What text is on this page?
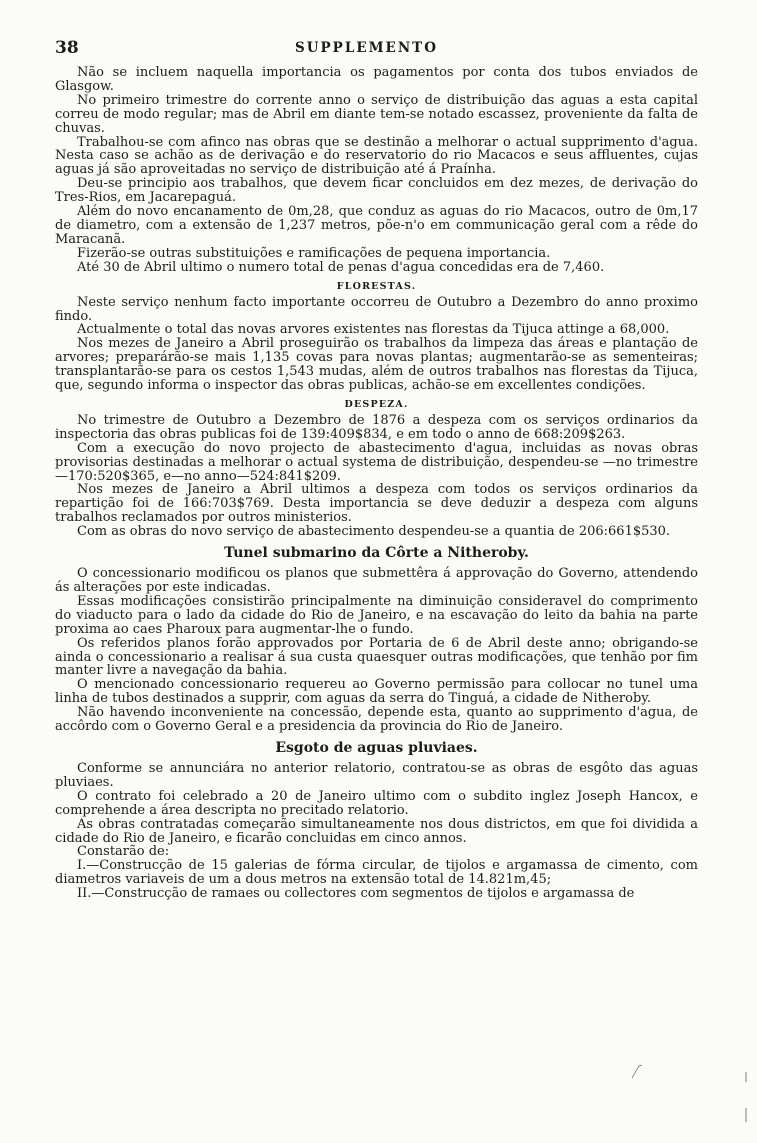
38	SUPPLEMENTO

Não se incluem naquella importancia os pagamentos por conta dos tubos enviados de Glasgow.

No primeiro trimestre do corrente anno o serviço de distribuição das aguas a esta capital correu de modo regular; mas de Abril em diante tem-se notado escassez, proveniente da falta de chuvas.

Trabalhou-se com afinco nas obras que se destinão a melhorar o actual supprimento d'agua. Nesta caso se achão as de derivação e do reservatorio do rio Macacos e seus affluentes, cujas aguas já são aproveitadas no serviço de distribuição até á Praínha.

Deu-se principio aos trabalhos, que devem ficar concluidos em dez mezes, de derivação do Tres-Rios, em Jacarepaguá.

Além do novo encanamento de 0m,28, que conduz as aguas do rio Macacos, outro de 0m,17 de diametro, com a extensão de 1,237 metros, põe-n'o em communicação geral com a rêde do Maracanã.

Fizerão-se outras substituições e ramificações de pequena importancia.

Até 30 de Abril ultimo o numero total de penas d'agua concedidas era de 7,460.

FLORESTAS.

Neste serviço nenhum facto importante occorreu de Outubro a Dezembro do anno proximo findo.

Actualmente o total das novas arvores existentes nas florestas da Tijuca attinge a 68,000.

Nos mezes de Janeiro a Abril proseguirão os trabalhos da limpeza das áreas e plantação de arvores; preparárão-se mais 1,135 covas para novas plantas; augmentarão-se as sementeiras; transplantarão-se para os cestos 1,543 mudas, além de outros trabalhos nas florestas da Tijuca, que, segundo informa o inspector das obras publicas, achão-se em excellentes condições.

DESPEZA.

No trimestre de Outubro a Dezembro de 1876 a despeza com os serviços ordinarios da inspectoria das obras publicas foi de 139:409$834, e em todo o anno de 668:209$263.

Com a execução do novo projecto de abastecimento d'agua, incluidas as novas obras provisorias destinadas a melhorar o actual systema de distribuição, despendeu-se —no trimestre—170:520$365, e—no anno—524:841$209.

Nos mezes de Janeiro a Abril ultimos a despeza com todos os serviços ordinarios da repartição foi de 166:703$769. Desta importancia se deve deduzir a despeza com alguns trabalhos reclamados por outros ministerios.

Com as obras do novo serviço de abastecimento despendeu-se a quantia de 206:661$530.

Tunel submarino da Côrte a Nitheroby.

O concessionario modificou os planos que submettêra á approvação do Governo, attendendo ás alterações por este indicadas.

Essas modificações consistirão principalmente na diminuição consideravel do comprimento do viaducto para o lado da cidade do Rio de Janeiro, e na escavação do leito da bahia na parte proxima ao caes Pharoux para augmentar-lhe o fundo.

Os referidos planos forão approvados por Portaria de 6 de Abril deste anno; obrigando-se ainda o concessionario a realisar á sua custa quaesquer outras modificações, que tenhão por fim manter livre a navegação da bahia.

O mencionado concessionario requereu ao Governo permissão para collocar no tunel uma linha de tubos destinados a supprir, com aguas da serra do Tinguá, a cidade de Nitheroby.

Não havendo inconveniente na concessão, depende esta, quanto ao supprimento d'agua, de accôrdo com o Governo Geral e a presidencia da provincia do Rio de Janeiro.

Esgoto de aguas pluviaes.

Conforme se annunciára no anterior relatorio, contratou-se as obras de esgôto das aguas pluviaes.

O contrato foi celebrado a 20 de Janeiro ultimo com o subdito inglez Joseph Hancox, e comprehende a área descripta no precitado relatorio.

As obras contratadas começarão simultaneamente nos dous districtos, em que foi dividida a cidade do Rio de Janeiro, e ficarão concluidas em cinco annos.

Constarão de:

I.—Construcção de 15 galerias de fórma circular, de tijolos e argamassa de cimento, com diametros variaveis de um a dous metros na extensão total de 14.821m,45;

II.—Construcção de ramaes ou collectores com segmentos de tijolos e argamassa de
